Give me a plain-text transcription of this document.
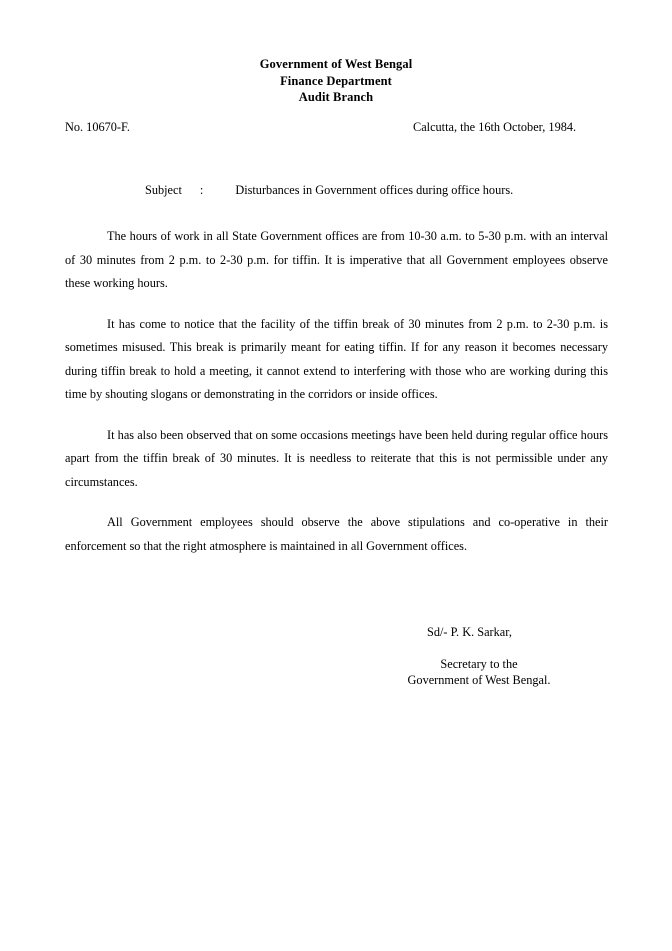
Government of West Bengal
Finance Department
Audit Branch
No. 10670-F.	Calcutta, the 16th October, 1984.
Subject :	Disturbances in Government offices during office hours.

The hours of work in all State Government offices are from 10-30 a.m. to 5-30 p.m. with an interval of 30 minutes from 2 p.m. to 2-30 p.m. for tiffin. It is imperative that all Government employees observe these working hours.

It has come to notice that the facility of the tiffin break of 30 minutes from 2 p.m. to 2-30 p.m. is sometimes misused. This break is primarily meant for eating tiffin. If for any reason it becomes necessary during tiffin break to hold a meeting, it cannot extend to interfering with those who are working during this time by shouting slogans or demonstrating in the corridors or inside offices.

It has also been observed that on some occasions meetings have been held during regular office hours apart from the tiffin break of 30 minutes. It is needless to reiterate that this is not permissible under any circumstances.

All Government employees should observe the above stipulations and co-operative in their enforcement so that the right atmosphere is maintained in all Government offices.

Sd/- P. K. Sarkar,
Secretary to the
Government of West Bengal.
